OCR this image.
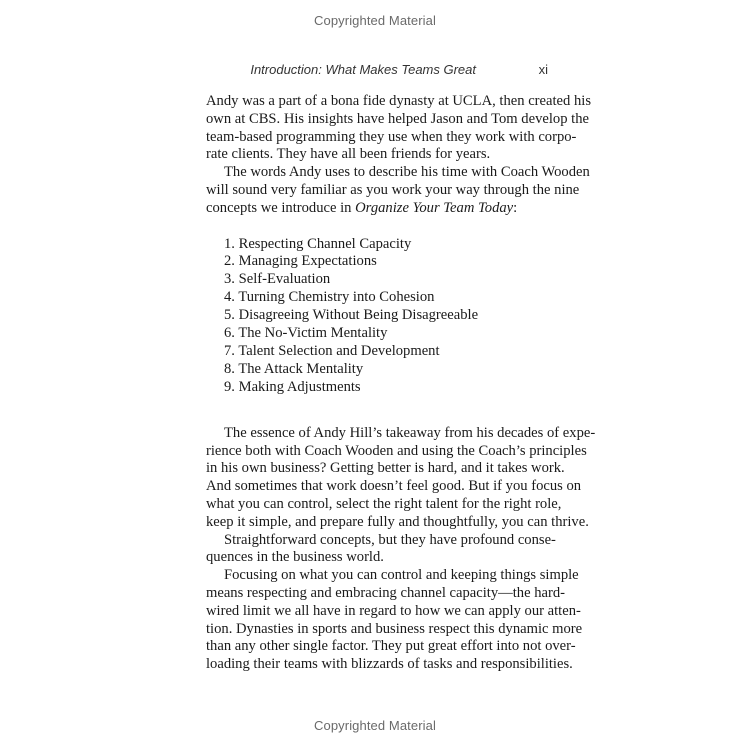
Copyrighted Material
Introduction: What Makes Teams Great	xi

Andy was a part of a bona fide dynasty at UCLA, then created his
own at CBS. His insights have helped Jason and Tom develop the
team-based programming they use when they work with corpo-
rate clients. They have all been friends for years.

The words Andy uses to describe his time with Coach Wooden
will sound very familiar as you work your way through the nine
concepts we introduce in Organize Your Team Today:

1. Respecting Channel Capacity
2. Managing Expectations
3. Self-Evaluation
4. Turning Chemistry into Cohesion
5. Disagreeing Without Being Disagreeable
6. The No-Victim Mentality
7. Talent Selection and Development
8. The Attack Mentality
9. Making Adjustments

The essence of Andy Hill’s takeaway from his decades of expe-
rience both with Coach Wooden and using the Coach’s principles
in his own business? Getting better is hard, and it takes work.
And sometimes that work doesn’t feel good. But if you focus on
what you can control, select the right talent for the right role,
keep it simple, and prepare fully and thoughtfully, you can thrive.

Straightforward concepts, but they have profound conse-
quences in the business world.

Focusing on what you can control and keeping things simple
means respecting and embracing channel capacity—the hard-
wired limit we all have in regard to how we can apply our atten-
tion. Dynasties in sports and business respect this dynamic more
than any other single factor. They put great effort into not over-
loading their teams with blizzards of tasks and responsibilities.

Copyrighted Material
